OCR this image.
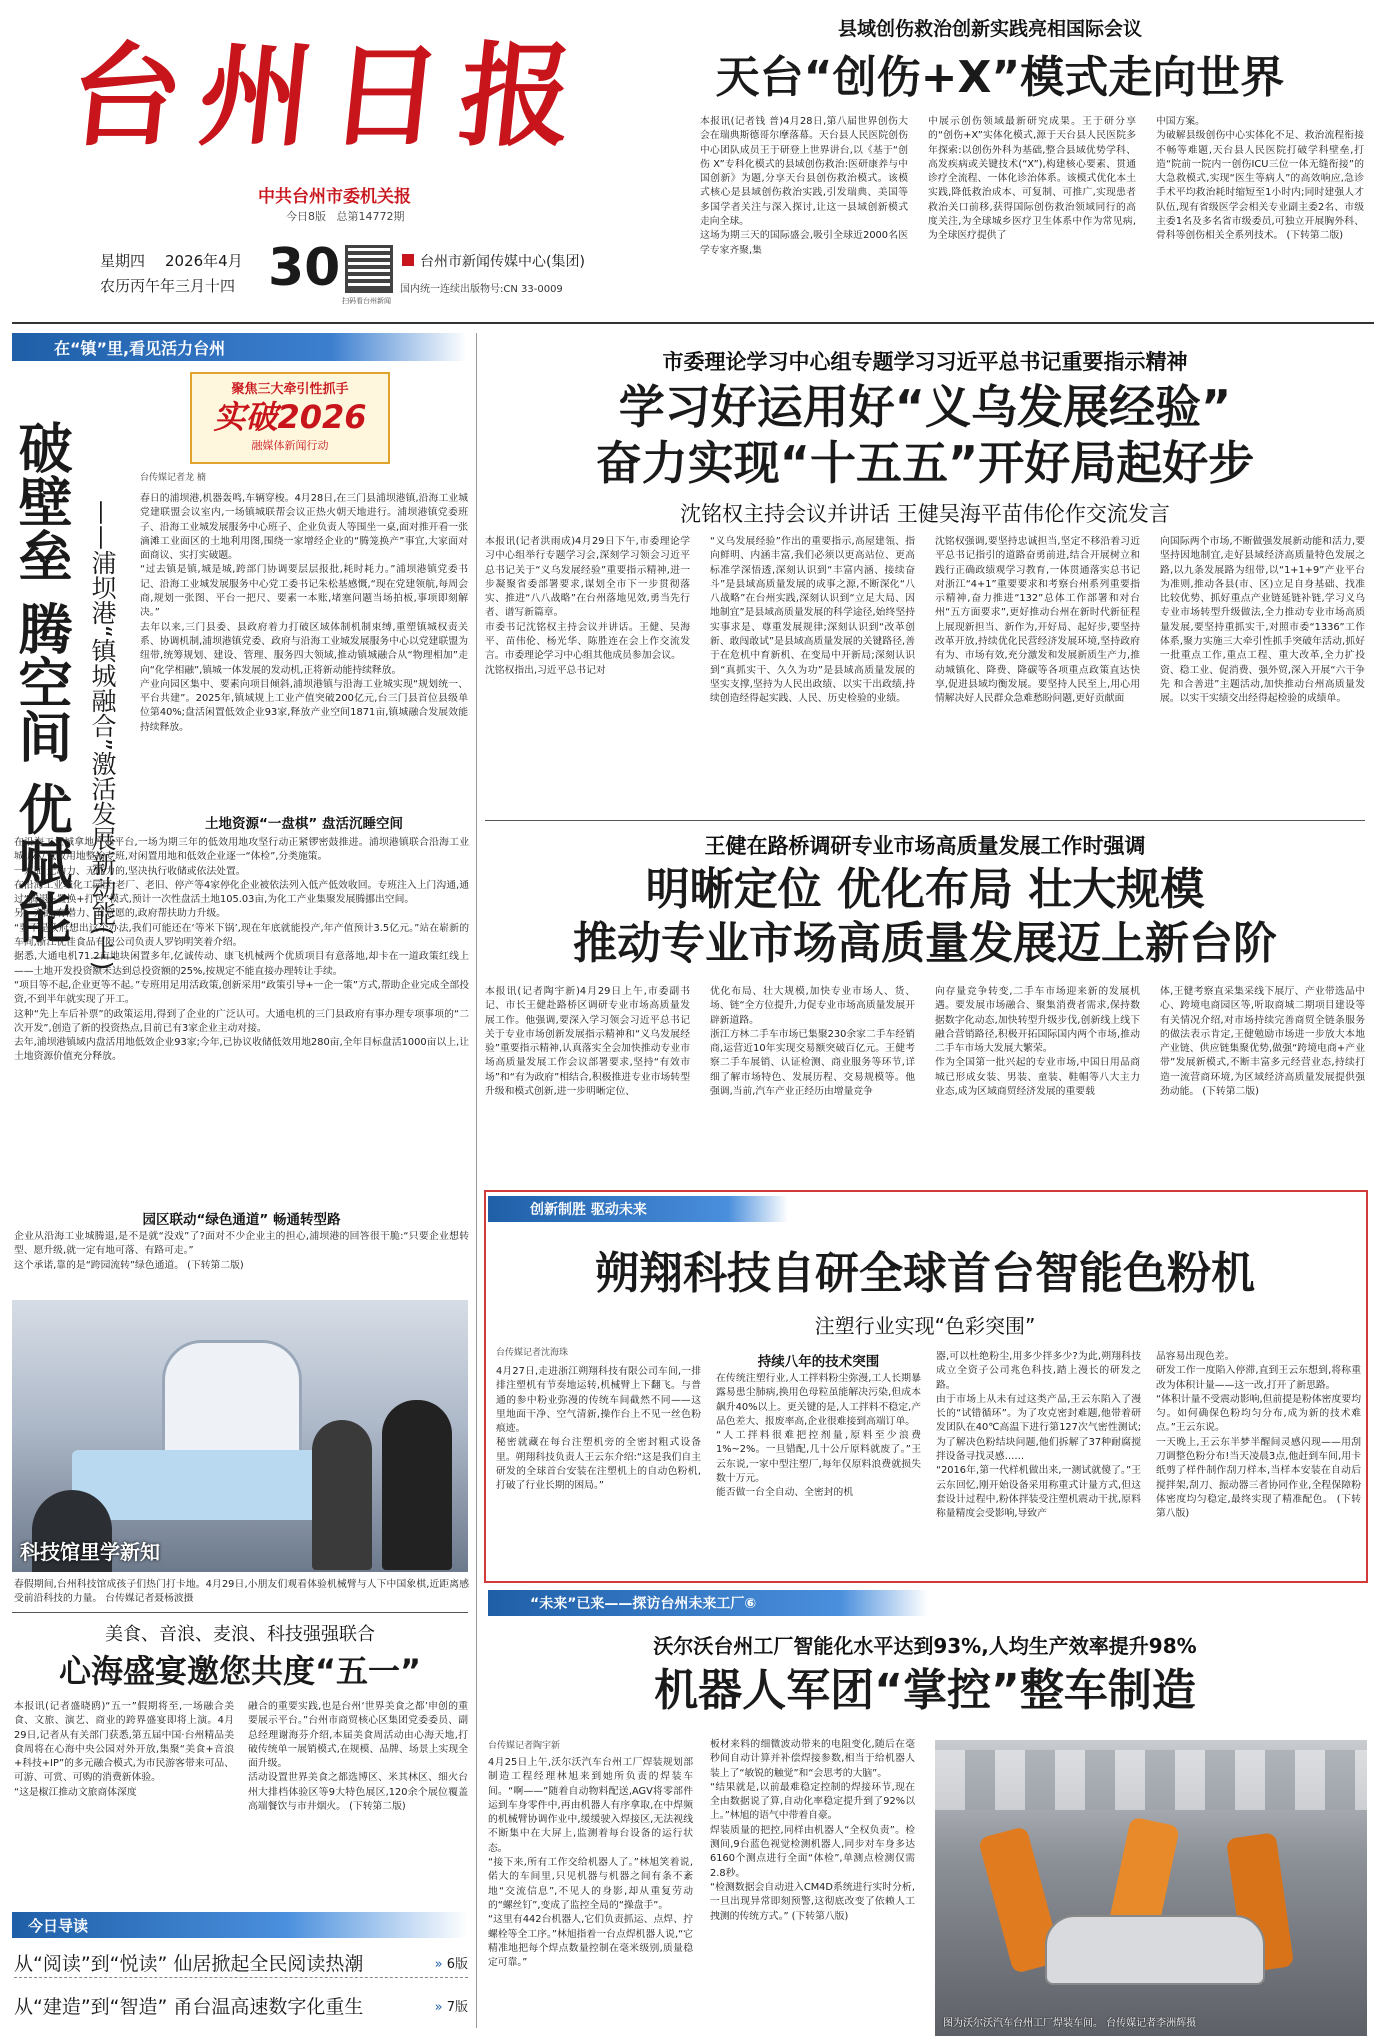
台州日报
中共台州市委机关报
今日8版 总第14772期
星期四 2026年4月
农历丙午年三月十四 30
扫码看台州新闻
台州市新闻传媒中心(集团)
国内统一连续出版物号:CN 33-0009
县域创伤救治创新实践亮相国际会议
天台“创伤+X”模式走向世界
本报讯(记者钱 普)4月28日,第八届世界创伤大会在瑞典斯德哥尔摩落幕。天台县人民医院创伤中心团队成员王于研登上世界讲台,以《基于“创伤 X”专科化模式的县域创伤救治:医研康养与中国创新》为题,分享天台县创伤救治模式。该模式核心是县域创伤救治实践,引发瑞典、美国等多国学者关注与深入探讨,让这一县域创新模式走向全球。
这场为期三天的国际盛会,吸引全球近2000名医学专家齐聚,集
中展示创伤领域最新研究成果。王于研分享的“创伤+X”实体化模式,源于天台县人民医院多年探索:以创伤外科为基础,整合县域优势学科、高发疾病或关键技术(“X”),构建核心要素、贯通诊疗全流程、一体化诊治体系。该模式优化本土实践,降低救治成本、可复制、可推广,实现患者救治关口前移,获得国际创伤救治领域同行的高度关注,为全球城乡医疗卫生体系中作为常见病,为全球医疗提供了
中国方案。
为破解县级创伤中心实体化不足、救治流程衔接不畅等难题,天台县人民医院打破学科壁垒,打造“院前一院内一创伤ICU三位一体无缝衔接”的大急救模式,实现“医生等病人”的高效响应,急诊手术平均救治耗时缩短至1小时内;同时建强人才队伍,现有省级医学会相关专业副主委2名、市级主委1名及多名省市级委员,可独立开展胸外科、骨科等创伤相关全系列技术。 (下转第二版)
在“镇”里,看见活力台州
聚焦三大牵引性抓手
实破2026
融媒体新闻行动
破壁垒 腾空间 优赋能 ——浦坝港“镇城融合”激活发展新动能(上)
台传媒记者龙 楠
春日的浦坝港,机器轰鸣,车辆穿梭。4月28日,在三门县浦坝港镇,沿海工业城党建联盟会议室内,一场镇城联帮会议正热火朝天地进行。浦坝港镇党委班子、沿海工业城发展服务中心班子、企业负责人等围坐一桌,面对推开看一张滴滩工业面区的土地利用图,围绕一家增经企业的“腾笼换产”事宜,大家面对面商议、实打实破题。
“过去镇是镇,城是城,跨部门协调要层层报批,耗时耗力。”浦坝港镇党委书记、沿海工业城发展服务中心党工委书记朱松基感慨,“现在党建领航,每周会商,规划一张图、平台一把尺、要素一本账,堵塞问题当场拍板,事项即刻解决。”
去年以来,三门县委、县政府着力打破区域体制机制束缚,重塑镇城权责关系、协调机制,浦坝港镇党委、政府与沿海工业城发展服务中心以党建联盟为纽带,统筹规划、建设、管理、服务四大领域,推动镇城融合从“物理相加”走向“化学相融”,镇城一体发展的发动机,正将新动能持续释放。
产业向园区集中、要素向项目倾斜,浦坝港镇与沿海工业城实现“规划统一、平台共建”。2025年,镇域规上工业产值突破200亿元,台三门县首位县级单位第40%;盘活闲置低效企业93家,释放产业空间1871亩,镇城融合发展效能持续释放。
土地资源“一盘棋” 盘活沉睡空间
在沿海工业城拿地产业平台,一场为期三年的低效用地攻坚行动正紧锣密鼓推进。浦坝港镇联合沿海工业城,成立低效用地整治专班,对闲置用地和低效企业逐一“体检”,分类施策。
一方面,无动力、无能力的,坚决执行收储或依法处置。
在沿海工业城化工园区,老厂、老旧、停产等4家停化企业被依法列入低产低效收回。专班注入上门沟通,通过“腾退+置换+打包”模式,预计一次性盘活土地105.03亩,为化工产业集聚发展腾挪出空间。
另一方面,有潜力、有意愿的,政府帮扶助力升级。
“要不是政府想出这个办法,我们可能还在‘等米下锅’,现在年底就能投产,年产值预计3.5亿元。”站在崭新的车间,浙江优佳食品有限公司负责人罗钧明笑着介绍。
据悉,大通电机71.2亩地块闲置多年,亿诚传动、康飞机械两个优质项目有意落地,却卡在一道政策红线上——土地开发投资额未达到总投资额的25%,按规定不能直接办理转让手续。
“项目等不起,企业更等不起。”专班用足用活政策,创新采用“政策引导+一企一策”方式,帮助企业完成全部投资,不到半年就实现了开工。
这种“先上车后补票”的政策运用,得到了企业的广泛认可。大通电机的三门县政府有事办理专项事项的“二次开发”,创造了新的投资热点,目前已有3家企业主动对接。
去年,浦坝港镇域内盘活用地低效企业93家;今年,已协议收储低效用地280亩,全年目标盘活1000亩以上,让土地资源价值充分释放。
园区联动“绿色通道” 畅通转型路
企业从沿海工业城腾退,是不是就“没戏”了?面对不少企业主的担心,浦坝港的回答很干脆:“只要企业想转型、愿升级,就一定有地可落、有路可走。”
这个承诺,靠的是“跨园流转”绿色通道。 (下转第二版)
科技馆里学新知
春假期间,台州科技馆成孩子们热门打卡地。4月29日,小朋友们观看体验机械臂与人下中国象棋,近距离感受前沿科技的力量。 台传媒记者聂杨波摄
市委理论学习中心组专题学习习近平总书记重要指示精神
学习好运用好“义乌发展经验”
奋力实现“十五五”开好局起好步
沈铭权主持会议并讲话 王健吴海平苗伟伦作交流发言
本报讯(记者洪雨成)4月29日下午,市委理论学习中心组举行专题学习会,深刻学习领会习近平总书记关于“义乌发展经验”重要指示精神,进一步凝聚省委部署要求,谋划全市下一步贯彻落实、推进“八八战略”在台州落地见效,勇当先行者、谱写新篇章。
市委书记沈铭权主持会议并讲话。王健、吴海平、苗伟伦、杨光华、陈胜连在会上作交流发言。市委理论学习中心组其他成员参加会议。
沈铭权指出,习近平总书记对
“义乌发展经验”作出的重要指示,高屋建瓴、指向鲜明、内涵丰富,我们必须以更高站位、更高标准学深悟透,深刻认识到“丰富内涵、接续奋斗”是县域高质量发展的成事之源,不断深化“八八战略”在台州实践,深刻认识到“立足大局、因地制宜”是县域高质量发展的科学途径,始终坚持实事求是、尊重发展规律;深刻认识到“改革创新、敢闯敢试”是县域高质量发展的关键路径,善于在危机中育新机、在变局中开新局;深刻认识到“真抓实干、久久为功”是县域高质量发展的坚实支撑,坚持为人民出政绩、以实干出政绩,持续创造经得起实践、人民、历史检验的业绩。
沈铭权强调,要坚持忠诚担当,坚定不移沿着习近平总书记指引的道路奋勇前进,结合开展树立和践行正确政绩观学习教育,一体贯通落实总书记对浙江“4+1”重要要求和考察台州系列重要指示精神,奋力推进“132”总体工作部署和对台州“五方面要求”,更好推动台州在新时代新征程上展现新担当、新作为,开好局、起好步,要坚持改革开放,持续优化民营经济发展环境,坚持政府有为、市场有效,充分激发和发展新质生产力,推动城镇化、降费、降碳等各项重点政策直达快享,促进县域均衡发展。要坚持人民至上,用心用情解决好人民群众急难愁盼问题,更好贡献面
向国际两个市场,不断做强发展新动能和活力,要坚持因地制宜,走好县域经济高质量特色发展之路,以九条发展路为纽带,以“1+1+9”产业平台为准则,推动各县(市、区)立足自身基础、找准比较优势、抓好重点产业链延链补链,学习义乌专业市场转型升级做法,全力推动专业市场高质量发展,要坚持重抓实干,对照市委“1336”工作体系,聚力实施三大牵引性抓手突破年活动,抓好一批重点工作,重点工程、重大改革,全力扩投资、稳工业、促消费、强外贸,深入开展“六干争先 和合善进”主题活动,加快推动台州高质量发展。以实干实绩交出经得起检验的成绩单。
王健在路桥调研专业市场高质量发展工作时强调
明晰定位 优化布局 壮大规模
推动专业市场高质量发展迈上新台阶
本报讯(记者陶宇新)4月29日上午,市委副书记、市长王健赴路桥区调研专业市场高质量发展工作。他强调,要深入学习领会习近平总书记关于专业市场创新发展指示精神和“义乌发展经验”重要指示精神,认真落实全会加快推动专业市场高质量发展工作会议部署要求,坚持“有效市场”和“有为政府”相结合,积极推进专业市场转型升级和模式创新,进一步明晰定位、
优化布局、壮大规模,加快专业市场人、货、场、链“全方位提升,力促专业市场高质量发展开辟新道路。
浙江方林二手车市场已集聚230余家二手车经销商,运营近10年实现交易额突破百亿元。王健考察二手车展销、认证检测、商业服务等环节,详细了解市场特色、发展历程、交易规模等。他强调,当前,汽车产业正经历由增量竞争
向存量竞争转变,二手车市场迎来新的发展机遇。要发展市场融合、聚集消费者需求,保持数据数字化动态,加快转型升级步伐,创新线上线下融合营销路径,积极开拓国际国内两个市场,推动二手车市场大发展大繁荣。
作为全国第一批兴起的专业市场,中国日用品商城已形成女装、男装、童装、鞋帽等八大主力业态,成为区域商贸经济发展的重要载
体,王健考察直采集采线下展厅、产业带选品中心、跨境电商园区等,听取商城二期项目建设等有关情况介绍,对市场持续完善商贸全链条服务的做法表示肯定,王健勉励市场进一步放大本地产业链、供应链集聚优势,做强“跨境电商+产业带”发展新模式,不断丰富多元经营业态,持续打造一流营商环境,为区域经济高质量发展提供强劲动能。 (下转第二版)
创新制胜 驱动未来
朔翔科技自研全球首台智能色粉机
注塑行业实现“色彩突围”
台传媒记者沈海珠
4月27日,走进浙江朔翔科技有限公司车间,一排排注塑机有节奏地运转,机械臂上下翻飞。与普通的参中粉业弥漫的传统车间截然不同——这里地面干净、空气清新,操作台上不见一丝色粉痕迹。
秘密就藏在每台注塑机旁的全密封粗式设备里。朔翔科技负责人王云东介绍:“这是我们自主研发的全球首台安装在注塑机上的自动色粉机,打破了行业长期的困局。”
持续八年的技术突围
在传统注塑行业,人工拌料粉尘弥漫,工人长期暴露易患尘肺病,换用色母粒虽能解决污染,但成本飙升40%以上。更关键的是,人工拌料不稳定,产品色差大、报废率高,企业很难接到高端订单。
“人工拌料很难把控剂量,原料至少浪费1%~2%。一旦错配,几十公斤原料就废了。”王云东说,一家中型注塑厂,每年仅原料浪费就损失数十万元。
能否做一台全自动、全密封的机
器,可以杜绝粉尘,用多少拌多少?为此,朔翔科技成立全资子公司兆色科技,踏上漫长的研发之路。
由于市场上从未有过这类产品,王云东陷入了漫长的“试错循环”。为了攻克密封难题,他带着研发团队在40℃高温下进行第127次气密性测试;为了解决色粉结块问题,他们拆解了37种耐腐搅拌设备寻找灵感……
“2016年,第一代样机做出来,一测试就傻了。”王云东回忆,刚开始设备采用称重式计量方式,但这套设计过程中,粉体拌装受注塑机震动干扰,原料称量精度会受影响,导致产
品容易出现色差。
研发工作一度陷入停滞,直到王云东想到,将称重改为体积计量——这一改,打开了新思路。
“体积计量不受震动影响,但前提是粉体密度要均匀。如何确保色粉均匀分布,成为新的技术难点。”王云东说。
一天晚上,王云东半梦半醒间灵感闪现——用刮刀调整色粉分布!当天凌晨3点,他赶到车间,用卡纸剪了样件制作刮刀样本,当样本安装在自动后搅拌架,刮刀、振动器三者协同作业,全程保障粉体密度均匀稳定,最终实现了精准配色。 (下转第八版)
“未来”已来——探访台州未来工厂⑥
沃尔沃台州工厂智能化水平达到93%,人均生产效率提升98%
机器人军团“掌控”整车制造
台传媒记者陶宇新
4月25日上午,沃尔沃汽车台州工厂焊装规划部制造工程经理林旭来到她所负责的焊装车间。“啊——”随着自动物料配送,AGV将零部件运到车身零件中,再由机器人有序拿取,在中焊频的机械臂协调作业中,缓缓驶入焊接区,无法视线不断集中在大屏上,监测着每台设备的运行状态。
“接下来,所有工作交给机器人了。”林旭笑着说,偌大的车间里,只见机器与机器之间有条不紊地“交流信息”,不见人的身影,却从重复劳动的“螺丝钉”,变成了监控全局的“操盘手”。
“这里有442台机器人,它们负责抓运、点焊、拧螺栓等全工序。”林旭指着一台点焊机器人说,“它精准地把每个焊点数量控制在毫米级别,质量稳定可靠。”
板材来料的细微波动带来的电阻变化,随后在毫秒间自动计算并补偿焊接参数,相当于给机器人装上了“敏锐的触觉”和“会思考的大脑”。
“结果就是,以前最难稳定控制的焊接环节,现在全由数据说了算,自动化率稳定提升到了92%以上。”林旭的语气中带着自豪。
焊装质量的把控,同样由机器人“全权负责”。检测间,9台蓝色视觉检测机器人,同步对车身多达6160个测点进行全面“体检”,单测点检测仅需2.8秒。
“检测数据会自动进入CM4D系统进行实时分析,一旦出现异常即刻预警,这彻底改变了依赖人工拽测的传统方式。” (下转第八版)
图为沃尔沃汽车台州工厂焊装车间。 台传媒记者李洲辉摄
美食、音浪、麦浪、科技强强联合
心海盛宴邀您共度“五一”
本报讯(记者盛晓鸥)“五一”假期将至,一场融合美食、文旅、演艺、商业的跨界盛宴即将上演。4月29日,记者从有关部门获悉,第五届中国·台州精品美食周将在心海中央公园对外开放,集聚“美食+音浪+科技+IP”的多元融合模式,为市民游客带来可品、可游、可赏、可购的消费新体验。
“这是椒江推动文旅商体深度
融合的重要实践,也是台州‘世界美食之都’申创的重要展示平台。”台州市商贸核心区集团党委委员、副总经理谢海芬介绍,本届美食周活动由心海天地,打破传统单一展销模式,在规模、品牌、场景上实现全面升级。
活动设置世界美食之都选博区、米其林区、细火台州大排档体验区等9大特色展区,120余个展位覆盖高端餐饮与市井烟火。 (下转第二版)
今日导读
从“阅读”到“悦读” 仙居掀起全民阅读热潮	» 6版
从“建造”到“智造” 甬台温高速数字化重生	» 7版
